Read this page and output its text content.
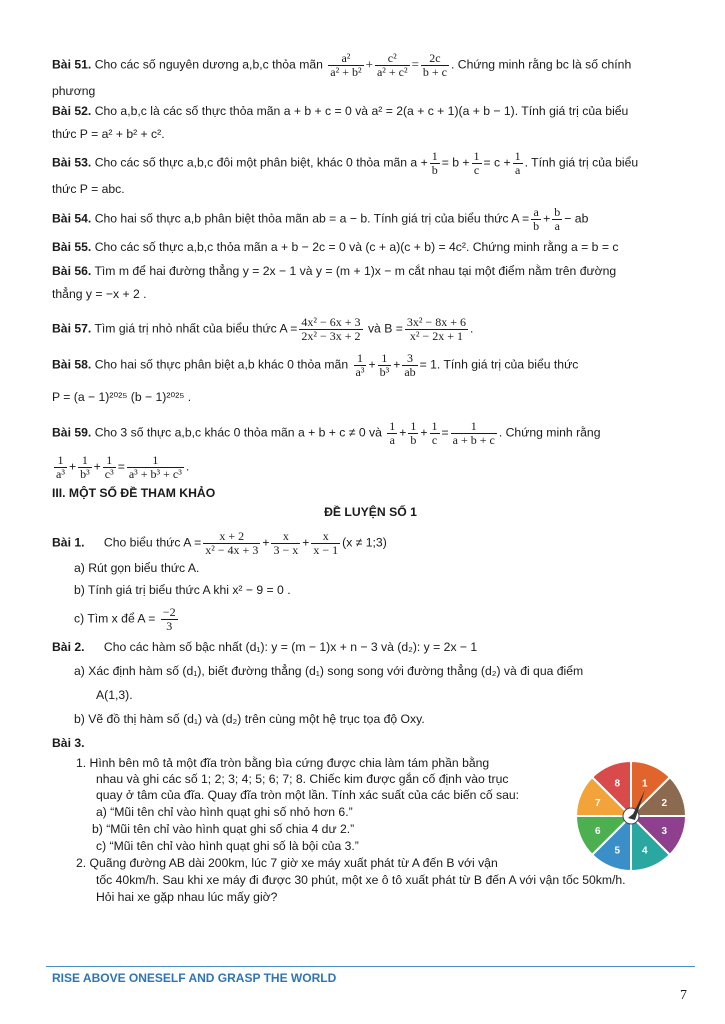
Bài 51. Cho các số nguyên dương a,b,c thỏa mãn $\frac{\text{a²}}{\text{a² + b²}} + \frac{\text{c²}}{\text{a² + c²}} = \frac{2c}{b + c}$ . Chứng minh rằng bc là số chính
phương
Bài 52. Cho a,b,c là các số thực thỏa mãn a + b + c = 0 và a² = 2(a + c + 1)(a + b − 1). Tính giá trị của biểu
thức P = a² + b² + c².
Bài 53. Cho các số thực a,b,c đôi một phân biệt, khác 0 thỏa mãn $a + \frac{1}{b} = b + \frac{1}{c} = c + \frac{1}{a}$ . Tính giá trị của biểu
thức P = abc.
Bài 54. Cho hai số thực a,b phân biệt thỏa mãn ab = a − b. Tính giá trị của biểu thức $A = \frac{a}{b} + \frac{b}{a}$ − ab
Bài 55. Cho các số thực a,b,c thỏa mãn a + b − 2c = 0 và (c + a)(c + b) = 4c². Chứng minh rằng a = b = c
Bài 56. Tìm m để hai đường thẳng y = 2x − 1 và y = (m + 1)x − m cắt nhau tại một điểm nằm trên đường
thẳng y = −x + 2 .
Bài 57. Tìm giá trị nhỏ nhất của biểu thức $A = \frac{\text{4x² − 6x + 3}}{\text{2x² − 3x + 2}}$ và $B = \frac{\text{3x² − 8x + 6}}{\text{x² − 2x + 1}}$ .
Bài 58. Cho hai số thực phân biệt a,b khác 0 thỏa mãn $\frac{1}{\text{a³}} + \frac{1}{\text{b³}} + \frac{3}{ab} = 1$. Tính giá trị của biểu thức
P = (a − 1)²⁰²⁵ (b − 1)²⁰²⁵ .
Bài 59. Cho 3 số thực a,b,c khác 0 thỏa mãn a + b + c ≠ 0 và $\frac{1}{a} + \frac{1}{b} + \frac{1}{c} = \frac{1}{a + b + c}$ . Chứng minh rằng
$\frac{1}{\text{a³}} + \frac{1}{\text{b³}} + \frac{1}{\text{c³}} = \frac{1}{\text{a³ + b³ + c³}}$ .
III. MỘT SỐ ĐỀ THAM KHẢO
ĐỀ LUYỆN SỐ 1
Bài 1. Cho biểu thức $A = \frac{x + 2}{\text{x² − 4x + 3}} + \frac{x}{3 - x} + \frac{x}{x - 1} (x$ ≠ 1;3)
a) Rút gọn biểu thức A.
b) Tính giá trị biểu thức A khi x² − 9 = 0 .
c) Tìm x để $A = \frac{-2}{3}$
Bài 2. Cho các hàm số bậc nhất (d₁): y = (m − 1)x + n − 3 và (d₂): y = 2x − 1
a) Xác định hàm số (d₁), biết đường thẳng (d₁) song song với đường thẳng (d₂) và đi qua điểm
A(1,3).
b) Vẽ đồ thị hàm số (d₁) và (d₂) trên cùng một hệ trục tọa độ Oxy.
Bài 3.
1. Hình bên mô tả một đĩa tròn bằng bìa cứng được chia làm tám phần bằng
nhau và ghi các số 1; 2; 3; 4; 5; 6; 7; 8. Chiếc kim được gắn cố định vào trục
quay ở tâm của đĩa. Quay đĩa tròn một lần. Tính xác suất của các biến cố sau:
a) “Mũi tên chỉ vào hình quạt ghi số nhỏ hơn 6.”
b) “Mũi tên chỉ vào hình quạt ghi số chia 4 dư 2.”
c) “Mũi tên chỉ vào hình quạt ghi số là bội của 3.”
2. Quãng đường AB dài 200km, lúc 7 giờ xe máy xuất phát từ A đến B với vận
tốc 40km/h. Sau khi xe máy đi được 30 phút, một xe ô tô xuất phát từ B đến A với vận tốc 50km/h.
Hỏi hai xe gặp nhau lúc mấy giờ?
1
2
3
4
5
6
7
8
RISE ABOVE ONESELF AND GRASP THE WORLD
7
